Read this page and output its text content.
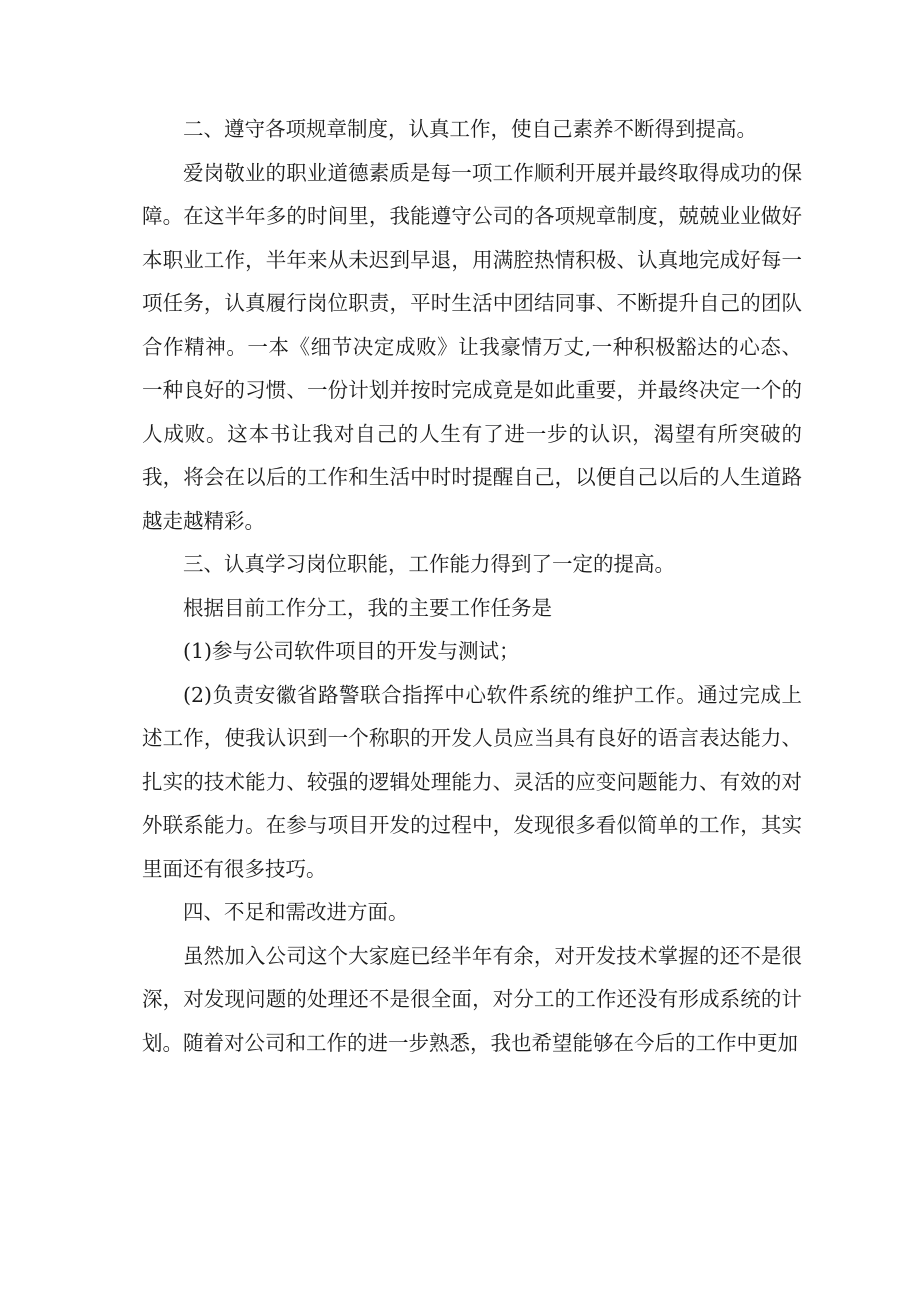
二、遵守各项规章制度，认真工作，使自己素养不断得到提高。

爱岗敬业的职业道德素质是每一项工作顺利开展并最终取得成功的保障。在这半年多的时间里，我能遵守公司的各项规章制度，兢兢业业做好本职业工作，半年来从未迟到早退，用满腔热情积极、认真地完成好每一项任务，认真履行岗位职责，平时生活中团结同事、不断提升自己的团队合作精神。一本《细节决定成败》让我豪情万丈,一种积极豁达的心态、一种良好的习惯、一份计划并按时完成竟是如此重要，并最终决定一个的人成败。这本书让我对自己的人生有了进一步的认识，渴望有所突破的我，将会在以后的工作和生活中时时提醒自己，以便自己以后的人生道路越走越精彩。

三、认真学习岗位职能，工作能力得到了一定的提高。

根据目前工作分工，我的主要工作任务是

(1)参与公司软件项目的开发与测试；

(2)负责安徽省路警联合指挥中心软件系统的维护工作。通过完成上述工作，使我认识到一个称职的开发人员应当具有良好的语言表达能力、扎实的技术能力、较强的逻辑处理能力、灵活的应变问题能力、有效的对外联系能力。在参与项目开发的过程中，发现很多看似简单的工作，其实里面还有很多技巧。

四、不足和需改进方面。

虽然加入公司这个大家庭已经半年有余，对开发技术掌握的还不是很深，对发现问题的处理还不是很全面，对分工的工作还没有形成系统的计划。随着对公司和工作的进一步熟悉，我也希望能够在今后的工作中更加
